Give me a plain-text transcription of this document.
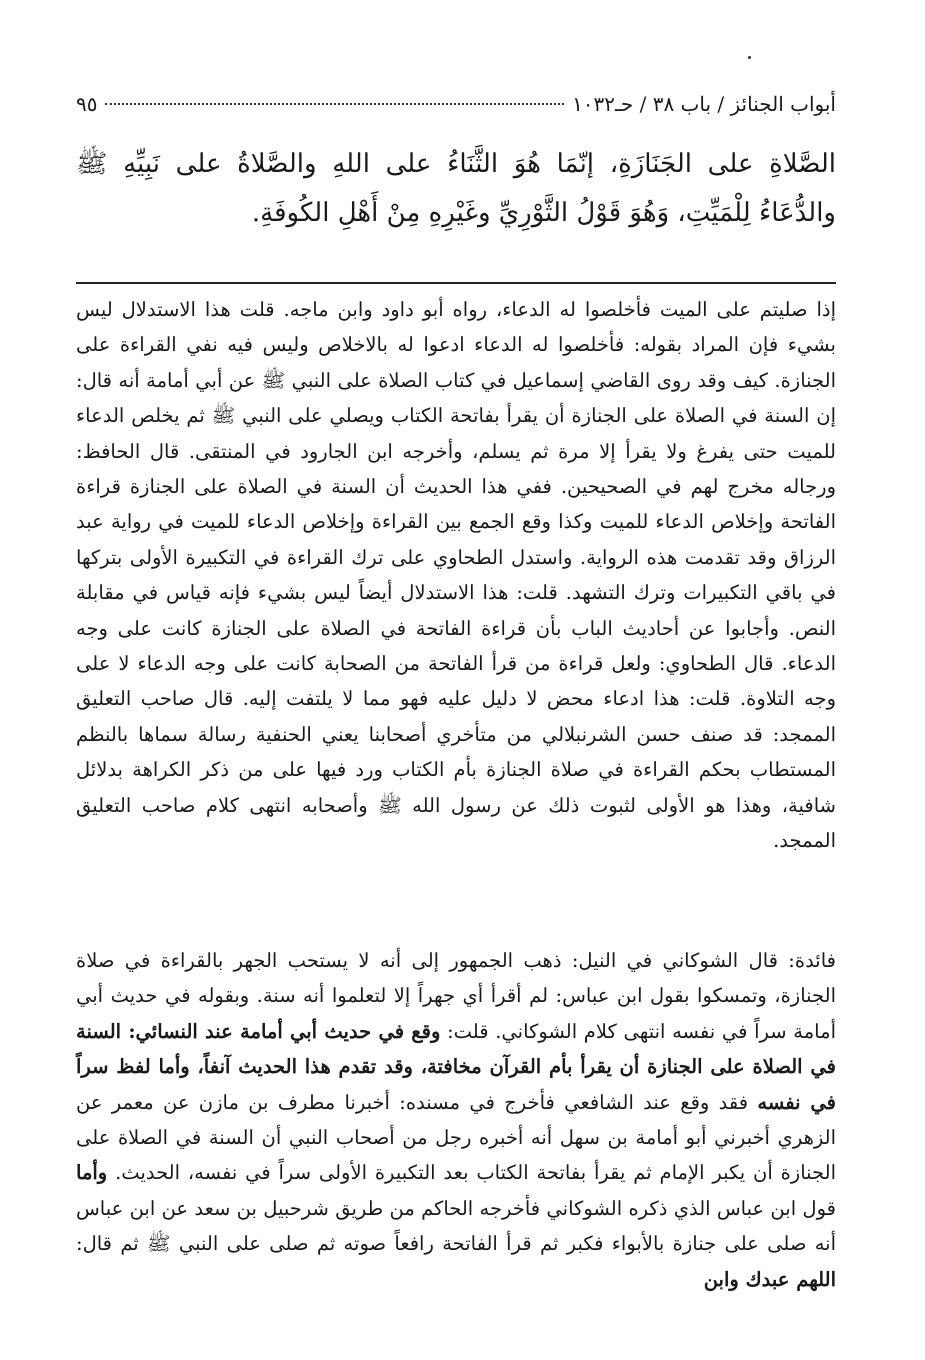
أبواب الجنائز / باب ٣٨ / حـ١٠٣٢
٩٥
الصَّلاةِ على الجَنَازَةِ، إنّمَا هُوَ الثَّنَاءُ على اللهِ والصَّلاةُ على نَبِيِّهِ ﷺ والدُّعَاءُ لِلْمَيِّتِ، وَهُوَ قَوْلُ الثَّوْرِيِّ وغَيْرِهِ مِنْ أَهْلِ الكُوفَةِ.

إذا صليتم على الميت فأخلصوا له الدعاء، رواه أبو داود وابن ماجه. قلت هذا الاستدلال ليس بشيء فإن المراد بقوله: فأخلصوا له الدعاء ادعوا له بالاخلاص وليس فيه نفي القراءة على الجنازة. كيف وقد روى القاضي إسماعيل في كتاب الصلاة على النبي ﷺ عن أبي أمامة أنه قال: إن السنة في الصلاة على الجنازة أن يقرأ بفاتحة الكتاب ويصلي على النبي ﷺ ثم يخلص الدعاء للميت حتى يفرغ ولا يقرأ إلا مرة ثم يسلم، وأخرجه ابن الجارود في المنتقى. قال الحافظ: ورجاله مخرج لهم في الصحيحين. ففي هذا الحديث أن السنة في الصلاة على الجنازة قراءة الفاتحة وإخلاص الدعاء للميت وكذا وقع الجمع بين القراءة وإخلاص الدعاء للميت في رواية عبد الرزاق وقد تقدمت هذه الرواية. واستدل الطحاوي على ترك القراءة في التكبيرة الأولى بتركها في باقي التكبيرات وترك التشهد. قلت: هذا الاستدلال أيضاً ليس بشيء فإنه قياس في مقابلة النص. وأجابوا عن أحاديث الباب بأن قراءة الفاتحة في الصلاة على الجنازة كانت على وجه الدعاء. قال الطحاوي: ولعل قراءة من قرأ الفاتحة من الصحابة كانت على وجه الدعاء لا على وجه التلاوة. قلت: هذا ادعاء محض لا دليل عليه فهو مما لا يلتفت إليه. قال صاحب التعليق الممجد: قد صنف حسن الشرنبلالي من متأخري أصحابنا يعني الحنفية رسالة سماها بالنظم المستطاب بحكم القراءة في صلاة الجنازة بأم الكتاب ورد فيها على من ذكر الكراهة بدلائل شافية، وهذا هو الأولى لثبوت ذلك عن رسول الله ﷺ وأصحابه انتهى كلام صاحب التعليق الممجد.

فائدة: قال الشوكاني في النيل: ذهب الجمهور إلى أنه لا يستحب الجهر بالقراءة في صلاة الجنازة، وتمسكوا بقول ابن عباس: لم أقرأ أي جهراً إلا لتعلموا أنه سنة. وبقوله في حديث أبي أمامة سراً في نفسه انتهى كلام الشوكاني. قلت: وقع في حديث أبي أمامة عند النسائي: السنة في الصلاة على الجنازة أن يقرأ بأم القرآن مخافتة، وقد تقدم هذا الحديث آنفاً، وأما لفظ سراً في نفسه فقد وقع عند الشافعي فأخرج في مسنده: أخبرنا مطرف بن مازن عن معمر عن الزهري أخبرني أبو أمامة بن سهل أنه أخبره رجل من أصحاب النبي أن السنة في الصلاة على الجنازة أن يكبر الإمام ثم يقرأ بفاتحة الكتاب بعد التكبيرة الأولى سراً في نفسه، الحديث. وأما قول ابن عباس الذي ذكره الشوكاني فأخرجه الحاكم من طريق شرحبيل بن سعد عن ابن عباس أنه صلى على جنازة بالأبواء فكبر ثم قرأ الفاتحة رافعاً صوته ثم صلى على النبي ﷺ ثم قال: اللهم عبدك وابن
